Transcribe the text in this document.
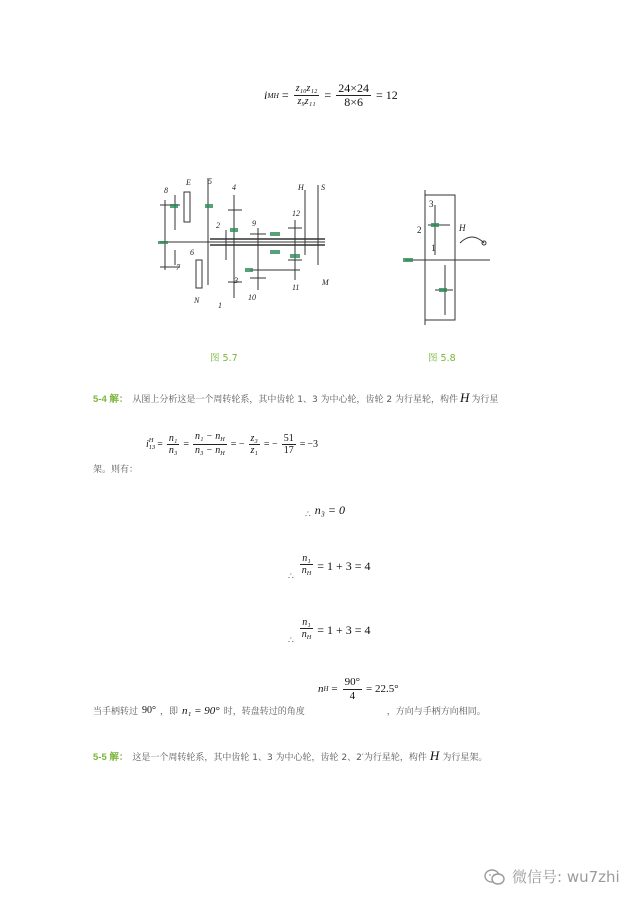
i MH = $\frac{\text{z₁₀z₁₂}}{\text{z₉z₁₁}} = \frac{24\times 24}{8\times 6} = 12$
8
E 5
4	H S
2	9
12
6
7
3
N
1
10
11
M
图 5.7
3
2	H
1
图 5.8
5-4 解： 从图上分析这是一个周转轮系，其中齿轮 1、3 为中心轮，齿轮 2 为行星轮，构件 H 为行星
i H
$13 = \frac{\text{n₁}}{\text{n₃}} = \frac{n_1 - n_H}{n_3 - n_H}$ = − $\frac{\text{z₃}}{\text{z₁}}$ = − $\frac{51}{17} = -3$
架。则有：
∴ n₃ = 0
∴ $\frac{\text{n₁}}{n_H} = 1 + 3 = 4$
∴ $\frac{\text{n₁}}{n_H} = 1 + 3 = 4$
n $H = \frac{90^\circ}{4} = 22.5^\circ$
当手柄转过 90° ，即 n₁ = 90° 时，转盘转过的角度	，方向与手柄方向相同。
5-5 解： 这是一个周转轮系，其中齿轮 1、3 为中心轮，齿轮 2、2′为行星轮，构件 H 为行星架。
微信号: wu7zhi
